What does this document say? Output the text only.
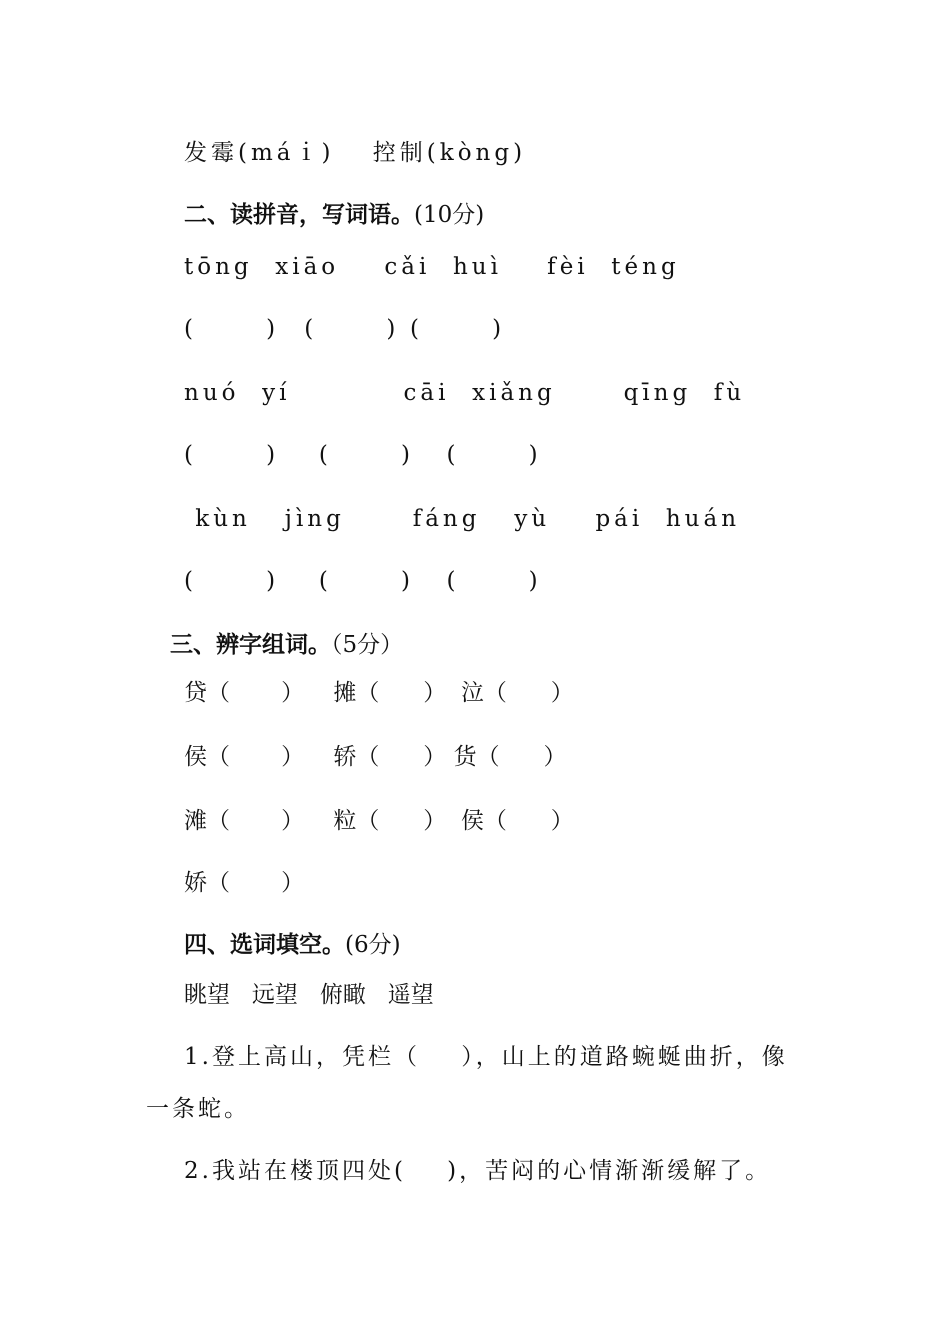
发霉(máｉ)　 控制(kòng)
二、读拼音，写词语。(10分)
tōng  xiāo    cǎi  huì    fèi  téng
(          )    (          )  (          )
nuó  yí          cāi  xiǎng      qīng  fù
(          )      (          )     (          )
kùn   jìng      fáng   yù    pái  huán
(          )      (          )     (          )
三、辨字组词。（5分）
贷（       ）    摊（      ）  泣（      ）
侯（       ）    轿（      ） 货（      ）
滩（       ）    粒（      ）  侯（      ）
娇（       ）
四、选词填空。(6分)
眺望   远望   俯瞰   遥望
1.登上高山，凭栏（    ），山上的道路蜿蜒曲折，像
一条蛇。
2.我站在楼顶四处(    )，苦闷的心情渐渐缓解了。
